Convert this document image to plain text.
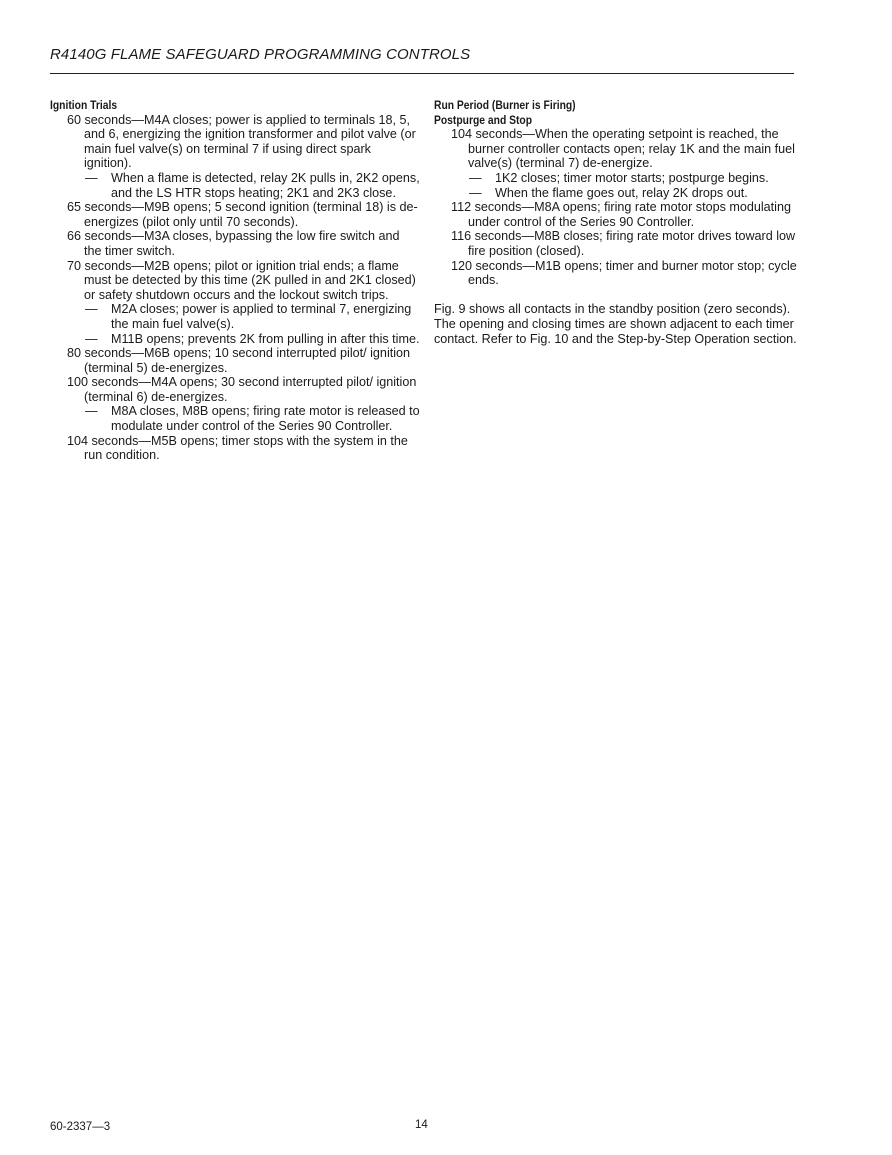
R4140G FLAME SAFEGUARD PROGRAMMING CONTROLS
Ignition Trials
60 seconds—M4A closes; power is applied to terminals 18, 5, and 6, energizing the ignition transformer and pilot valve (or main fuel valve(s) on terminal 7 if using direct spark ignition).
— When a flame is detected, relay 2K pulls in, 2K2 opens, and the LS HTR stops heating; 2K1 and 2K3 close.
65 seconds—M9B opens; 5 second ignition (terminal 18) is de-energizes (pilot only until 70 seconds).
66 seconds—M3A closes, bypassing the low fire switch and the timer switch.
70 seconds—M2B opens; pilot or ignition trial ends; a flame must be detected by this time (2K pulled in and 2K1 closed) or safety shutdown occurs and the lockout switch trips.
— M2A closes; power is applied to terminal 7, energizing the main fuel valve(s).
— M11B opens; prevents 2K from pulling in after this time.
80 seconds—M6B opens; 10 second interrupted pilot/ ignition (terminal 5) de-energizes.
100 seconds—M4A opens; 30 second interrupted pilot/ ignition (terminal 6) de-energizes.
— M8A closes, M8B opens; firing rate motor is released to modulate under control of the Series 90 Controller.
104 seconds—M5B opens; timer stops with the system in the run condition.
Run Period (Burner is Firing)
Postpurge and Stop
104 seconds—When the operating setpoint is reached, the burner controller contacts open; relay 1K and the main fuel valve(s) (terminal 7) de-energize.
— 1K2 closes; timer motor starts; postpurge begins.
— When the flame goes out, relay 2K drops out.
112 seconds—M8A opens; firing rate motor stops modulating under control of the Series 90 Controller.
116 seconds—M8B closes; firing rate motor drives toward low fire position (closed).
120 seconds—M1B opens; timer and burner motor stop; cycle ends.
Fig. 9 shows all contacts in the standby position (zero seconds). The opening and closing times are shown adjacent to each timer contact. Refer to Fig. 10 and the Step-by-Step Operation section.
60-2337—3	14
